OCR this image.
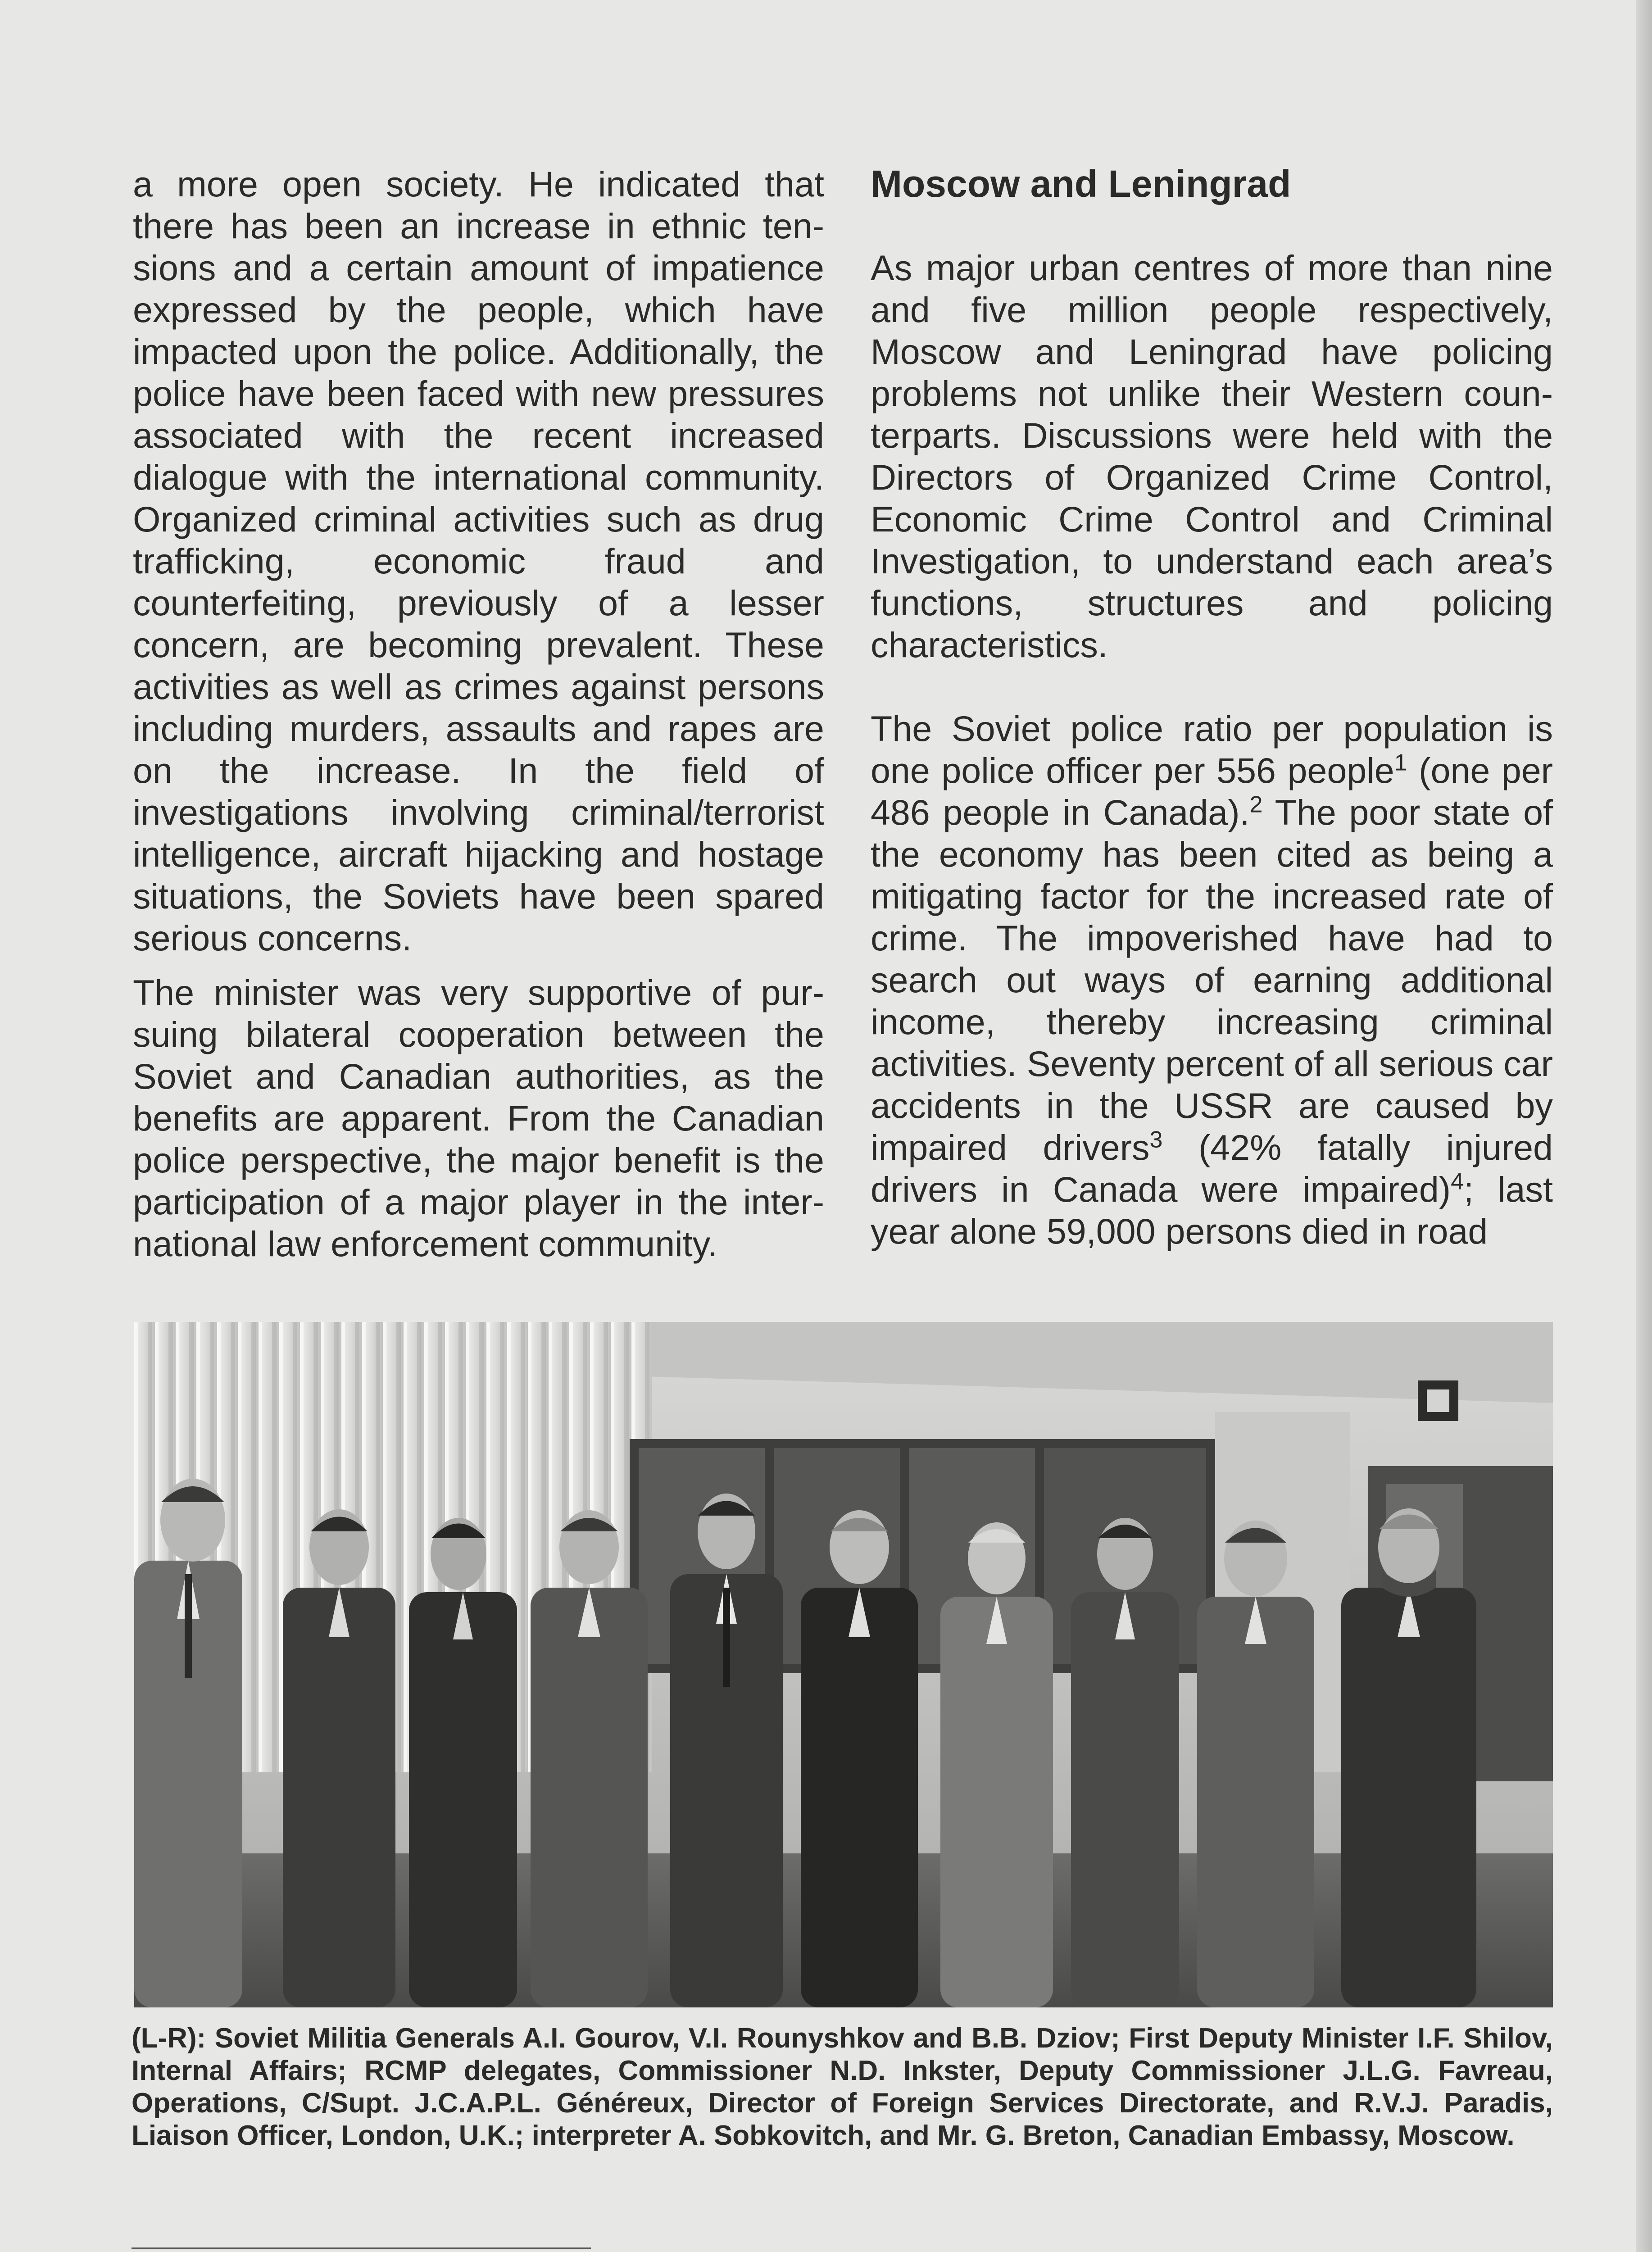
a more open society. He indicated that there has been an increase in ethnic tensions and a certain amount of impatience expressed by the people, which have impacted upon the police. Additionally, the police have been faced with new pressures associated with the recent increased dialogue with the international community. Organized criminal activities such as drug trafficking, economic fraud and counterfeiting, previously of a lesser concern, are becoming prevalent. These activities as well as crimes against persons including murders, assaults and rapes are on the increase. In the field of investigations involving criminal/terrorist intelligence, aircraft hijacking and hostage situations, the Soviets have been spared serious concerns.

The minister was very supportive of pursuing bilateral cooperation between the Soviet and Canadian authorities, as the benefits are apparent. From the Canadian police perspective, the major benefit is the participation of a major player in the international law enforcement community.

Moscow and Leningrad

As major urban centres of more than nine and five million people respectively, Moscow and Leningrad have policing problems not unlike their Western counterparts. Discussions were held with the Directors of Organized Crime Control, Economic Crime Control and Criminal Investigation, to understand each area’s functions, structures and policing characteristics.

The Soviet police ratio per population is one police officer per 556 people$^1$ (one per 486 people in Canada).$^2$ The poor state of the economy has been cited as being a mitigating factor for the increased rate of crime. The impoverished have had to search out ways of earning additional income, thereby increasing criminal activities. Seventy percent of all serious car accidents in the USSR are caused by impaired drivers$^3$ (42% fatally injured drivers in Canada were impaired)$^4$; last year alone 59,000 persons died in road

(L-R): Soviet Militia Generals A.I. Gourov, V.I. Rounyshkov and B.B. Dziov; First Deputy Minister I.F. Shilov, Internal Affairs; RCMP delegates, Commissioner N.D. Inkster, Deputy Commissioner J.L.G. Favreau, Operations, C/Supt. J.C.A.P.L. Généreux, Director of Foreign Services Directorate, and R.V.J. Paradis, Liaison Officer, London, U.K.; interpreter A. Sobkovitch, and Mr. G. Breton, Canadian Embassy, Moscow.
